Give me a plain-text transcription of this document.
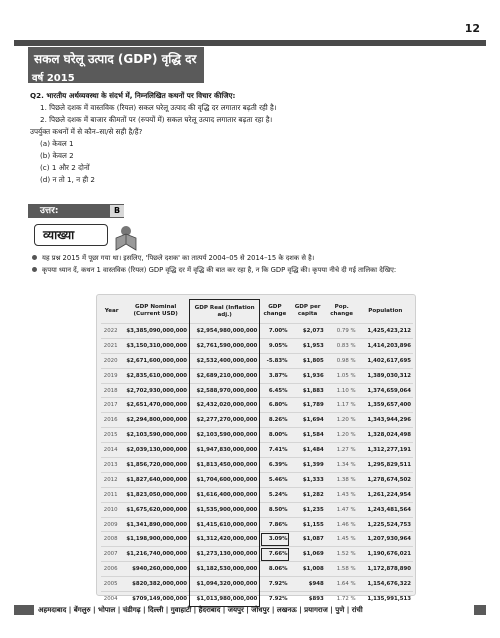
12
सकल घरेलू उत्पाद (GDP) वृद्धि दर
वर्ष 2015
Q2. भारतीय अर्थव्यवस्था के संदर्भ में, निम्नलिखित कथनों पर विचार कीजिए:
1. पिछले दशक में वास्तविक (रियल) सकल घरेलू उत्पाद की वृद्धि दर लगातार बढ़ती रही है।
2. पिछले दशक में बाजार कीमतों पर (रुपयों में) सकल घरेलू उत्पाद लगातार बढ़ता रहा है।
उपर्युक्त कथनों में से कौन–सा/से सही है/हैं?
(a) केवल 1
(b) केवल 2
(c) 1 और 2 दोनों
(d) न तो 1, न ही 2
उत्तर:	B
व्याख्या
यह प्रश्न 2015 में पूछा गया था। इसलिए, 'पिछले दशक' का तात्पर्य 2004–05 से 2014–15 के दशक से है।
कृपया ध्यान दें, कथन 1 वास्तविक (रियल) GDP वृद्धि दर में वृद्धि की बात कर रहा है, न कि GDP वृद्धि की। कृपया नीचे दी गई तालिका देखिए:
Year	GDP Nominal (Current USD)	GDP Real (Inflation adj.)	GDP change	GDP per capita	Pop. change	Population
2022	$3,385,090,000,000	$2,954,980,000,000	7.00%	$2,073	0.79 %	1,425,423,212
2021	$3,150,310,000,000	$2,761,590,000,000	9.05%	$1,953	0.83 %	1,414,203,896
2020	$2,671,600,000,000	$2,532,400,000,000	-5.83%	$1,805	0.98 %	1,402,617,695
2019	$2,835,610,000,000	$2,689,210,000,000	3.87%	$1,936	1.05 %	1,389,030,312
2018	$2,702,930,000,000	$2,588,970,000,000	6.45%	$1,883	1.10 %	1,374,659,064
2017	$2,651,470,000,000	$2,432,020,000,000	6.80%	$1,789	1.17 %	1,359,657,400
2016	$2,294,800,000,000	$2,277,270,000,000	8.26%	$1,694	1.20 %	1,343,944,296
2015	$2,103,590,000,000	$2,103,590,000,000	8.00%	$1,584	1.20 %	1,328,024,498
2014	$2,039,130,000,000	$1,947,830,000,000	7.41%	$1,484	1.27 %	1,312,277,191
2013	$1,856,720,000,000	$1,813,450,000,000	6.39%	$1,399	1.34 %	1,295,829,511
2012	$1,827,640,000,000	$1,704,600,000,000	5.46%	$1,333	1.38 %	1,278,674,502
2011	$1,823,050,000,000	$1,616,400,000,000	5.24%	$1,282	1.43 %	1,261,224,954
2010	$1,675,620,000,000	$1,535,900,000,000	8.50%	$1,235	1.47 %	1,243,481,564
2009	$1,341,890,000,000	$1,415,610,000,000	7.86%	$1,155	1.46 %	1,225,524,753
2008	$1,198,900,000,000	$1,312,420,000,000	3.09%	$1,087	1.45 %	1,207,930,964
2007	$1,216,740,000,000	$1,273,130,000,000	7.66%	$1,069	1.52 %	1,190,676,021
2006	$940,260,000,000	$1,182,530,000,000	8.06%	$1,008	1.58 %	1,172,878,890
2005	$820,382,000,000	$1,094,320,000,000	7.92%	$948	1.64 %	1,154,676,322
2004	$709,149,000,000	$1,013,980,000,000	7.92%	$893	1.72 %	1,135,991,513
अहमदाबाद | बेंगलुरु | भोपाल | चंडीगढ़ | दिल्ली | गुवाहाटी | हैदराबाद | जयपुर | जोधपुर | लखनऊ | प्रयागराज | पुणे | रांची
